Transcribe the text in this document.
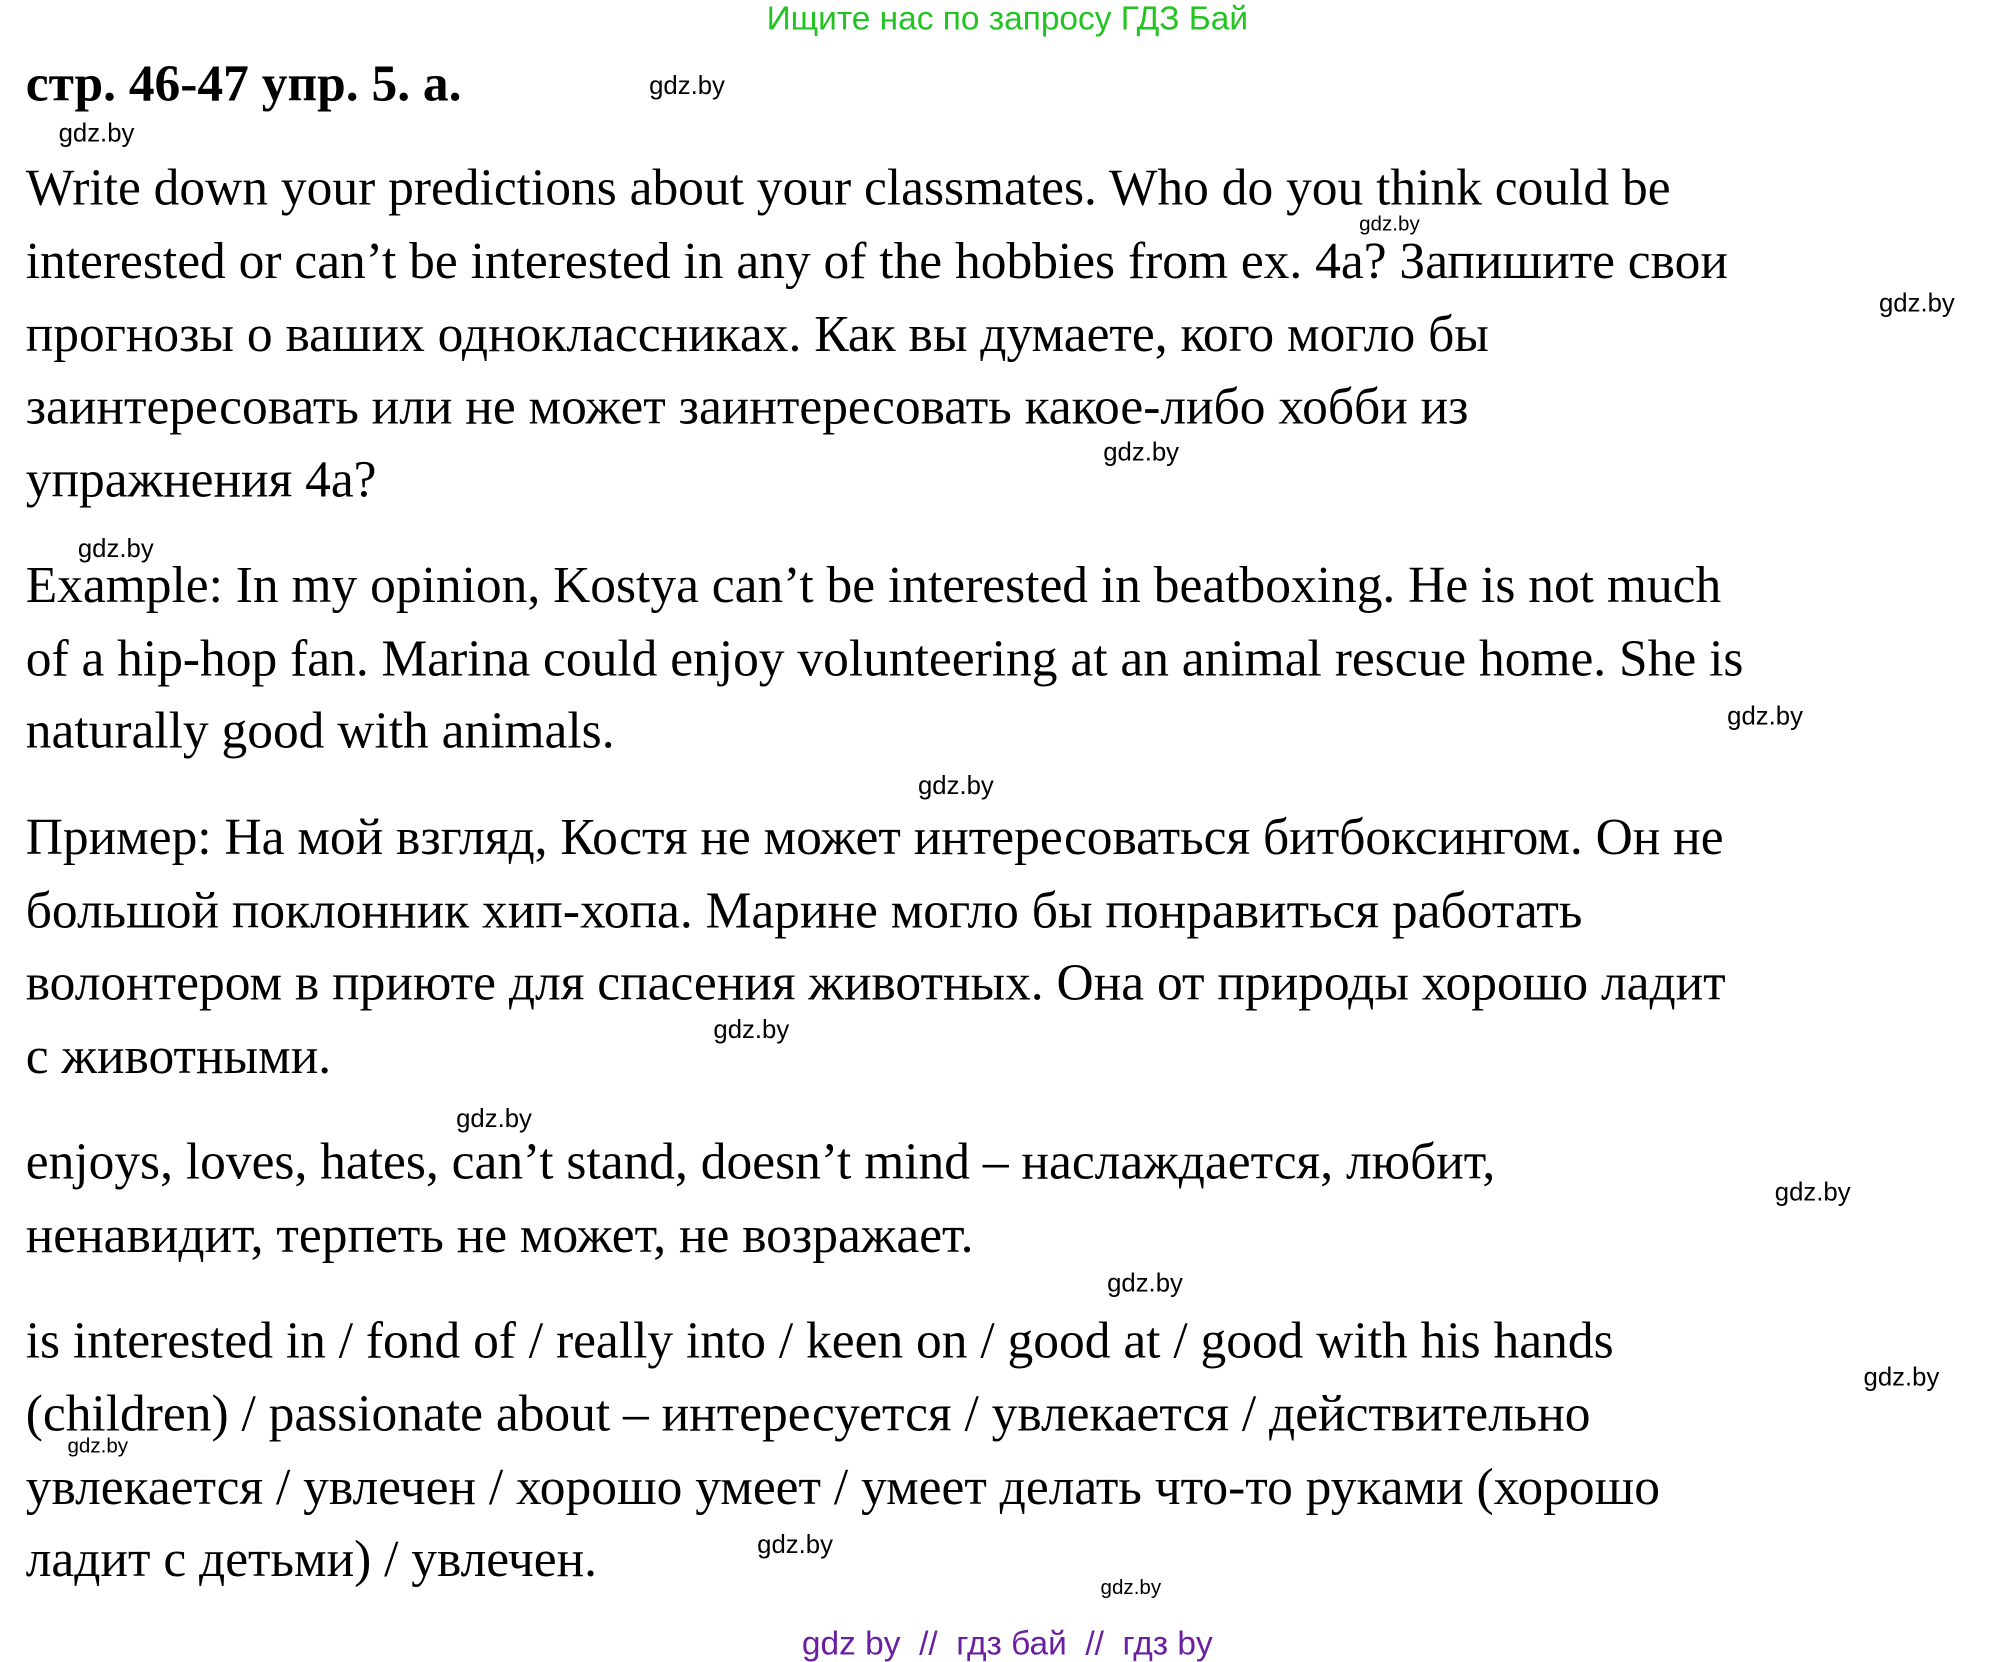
Ищите нас по запросу ГДЗ Бай
стр. 46-47 упр. 5. а.
Write down your predictions about your classmates. Who do you think could be
interested or can’t be interested in any of the hobbies from ex. 4a? Запишите свои
прогнозы о ваших одноклассниках. Как вы думаете, кого могло бы
заинтересовать или не может заинтересовать какое-либо хобби из
упражнения 4a?
Example: In my opinion, Kostya can’t be interested in beatboxing. He is not much
of a hip-hop fan. Marina could enjoy volunteering at an animal rescue home. She is
naturally good with animals.
Пример: На мой взгляд, Костя не может интересоваться битбоксингом. Он не
большой поклонник хип-хопа. Марине могло бы понравиться работать
волонтером в приюте для спасения животных. Она от природы хорошо ладит
с животными.
enjoys, loves, hates, can’t stand, doesn’t mind – наслаждается, любит,
ненавидит, терпеть не может, не возражает.
is interested in / fond of / really into / keen on / good at / good with his hands
(children) / passionate about – интересуется / увлекается / действительно
увлекается / увлечен / хорошо умеет / умеет делать что-то руками (хорошо
ладит с детьми) / увлечен.
gdz.by
gdz.by
gdz.by
gdz.by
gdz.by
gdz.by
gdz.by
gdz.by
gdz.by
gdz.by
gdz.by
gdz.by
gdz.by
gdz.by
gdz.by
gdz.by
gdz by  //  гдз бай  //  гдз by
